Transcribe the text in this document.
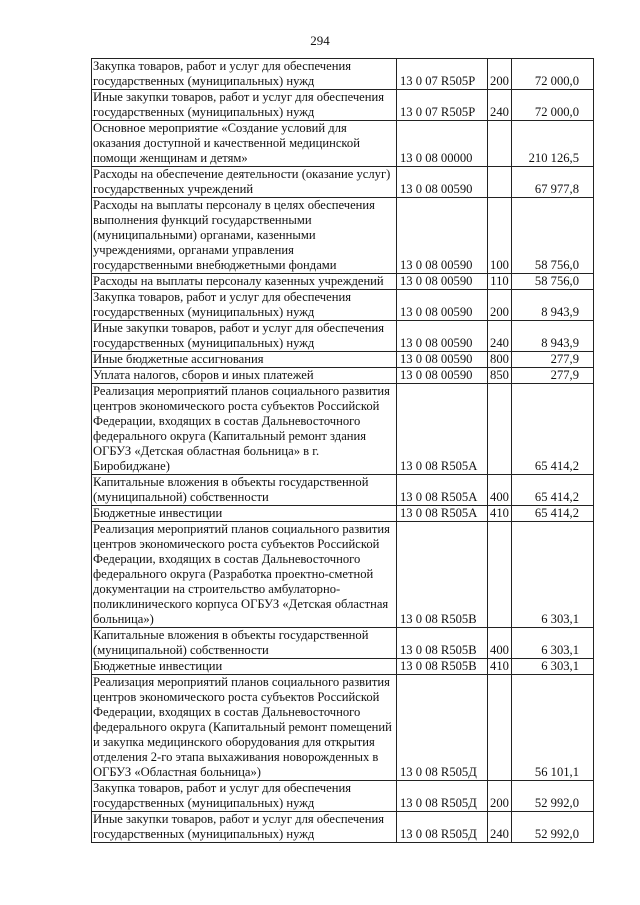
294
Закупка товаров, работ и услуг для обеспечения государственных (муниципальных) нужд	13 0 07 R505Р	200	72 000,0
Иные закупки товаров, работ и услуг для обеспечения государственных (муниципальных) нужд	13 0 07 R505Р	240	72 000,0
Основное мероприятие «Создание условий для оказания доступной и качественной медицинской помощи женщинам и детям»	13 0 08 00000		210 126,5
Расходы на обеспечение деятельности (оказание услуг) государственных учреждений	13 0 08 00590		67 977,8
Расходы на выплаты персоналу в целях обеспечения выполнения функций государственными (муниципальными) органами, казенными учреждениями, органами управления государственными внебюджетными фондами	13 0 08 00590	100	58 756,0
Расходы на выплаты персоналу казенных учреждений	13 0 08 00590	110	58 756,0
Закупка товаров, работ и услуг для обеспечения государственных (муниципальных) нужд	13 0 08 00590	200	8 943,9
Иные закупки товаров, работ и услуг для обеспечения государственных (муниципальных) нужд	13 0 08 00590	240	8 943,9
Иные бюджетные ассигнования	13 0 08 00590	800	277,9
Уплата налогов, сборов и иных платежей	13 0 08 00590	850	277,9
Реализация мероприятий планов социального развития центров экономического роста субъектов Российской Федерации, входящих в состав Дальневосточного федерального округа (Капитальный ремонт здания ОГБУЗ «Детская областная больница» в г. Биробиджане)	13 0 08 R505А		65 414,2
Капитальные вложения в объекты государственной (муниципальной) собственности	13 0 08 R505А	400	65 414,2
Бюджетные инвестиции	13 0 08 R505А	410	65 414,2
Реализация мероприятий планов социального развития центров экономического роста субъектов Российской Федерации, входящих в состав Дальневосточного федерального округа (Разработка проектно-сметной документации на строительство амбулаторно-поликлинического корпуса ОГБУЗ «Детская областная больница»)	13 0 08 R505В		6 303,1
Капитальные вложения в объекты государственной (муниципальной) собственности	13 0 08 R505В	400	6 303,1
Бюджетные инвестиции	13 0 08 R505В	410	6 303,1
Реализация мероприятий планов социального развития центров экономического роста субъектов Российской Федерации, входящих в состав Дальневосточного федерального округа (Капитальный ремонт помещений и закупка медицинского оборудования для открытия отделения 2-го этапа выхаживания новорожденных в ОГБУЗ «Областная больница»)	13 0 08 R505Д		56 101,1
Закупка товаров, работ и услуг для обеспечения государственных (муниципальных) нужд	13 0 08 R505Д	200	52 992,0
Иные закупки товаров, работ и услуг для обеспечения государственных (муниципальных) нужд	13 0 08 R505Д	240	52 992,0
